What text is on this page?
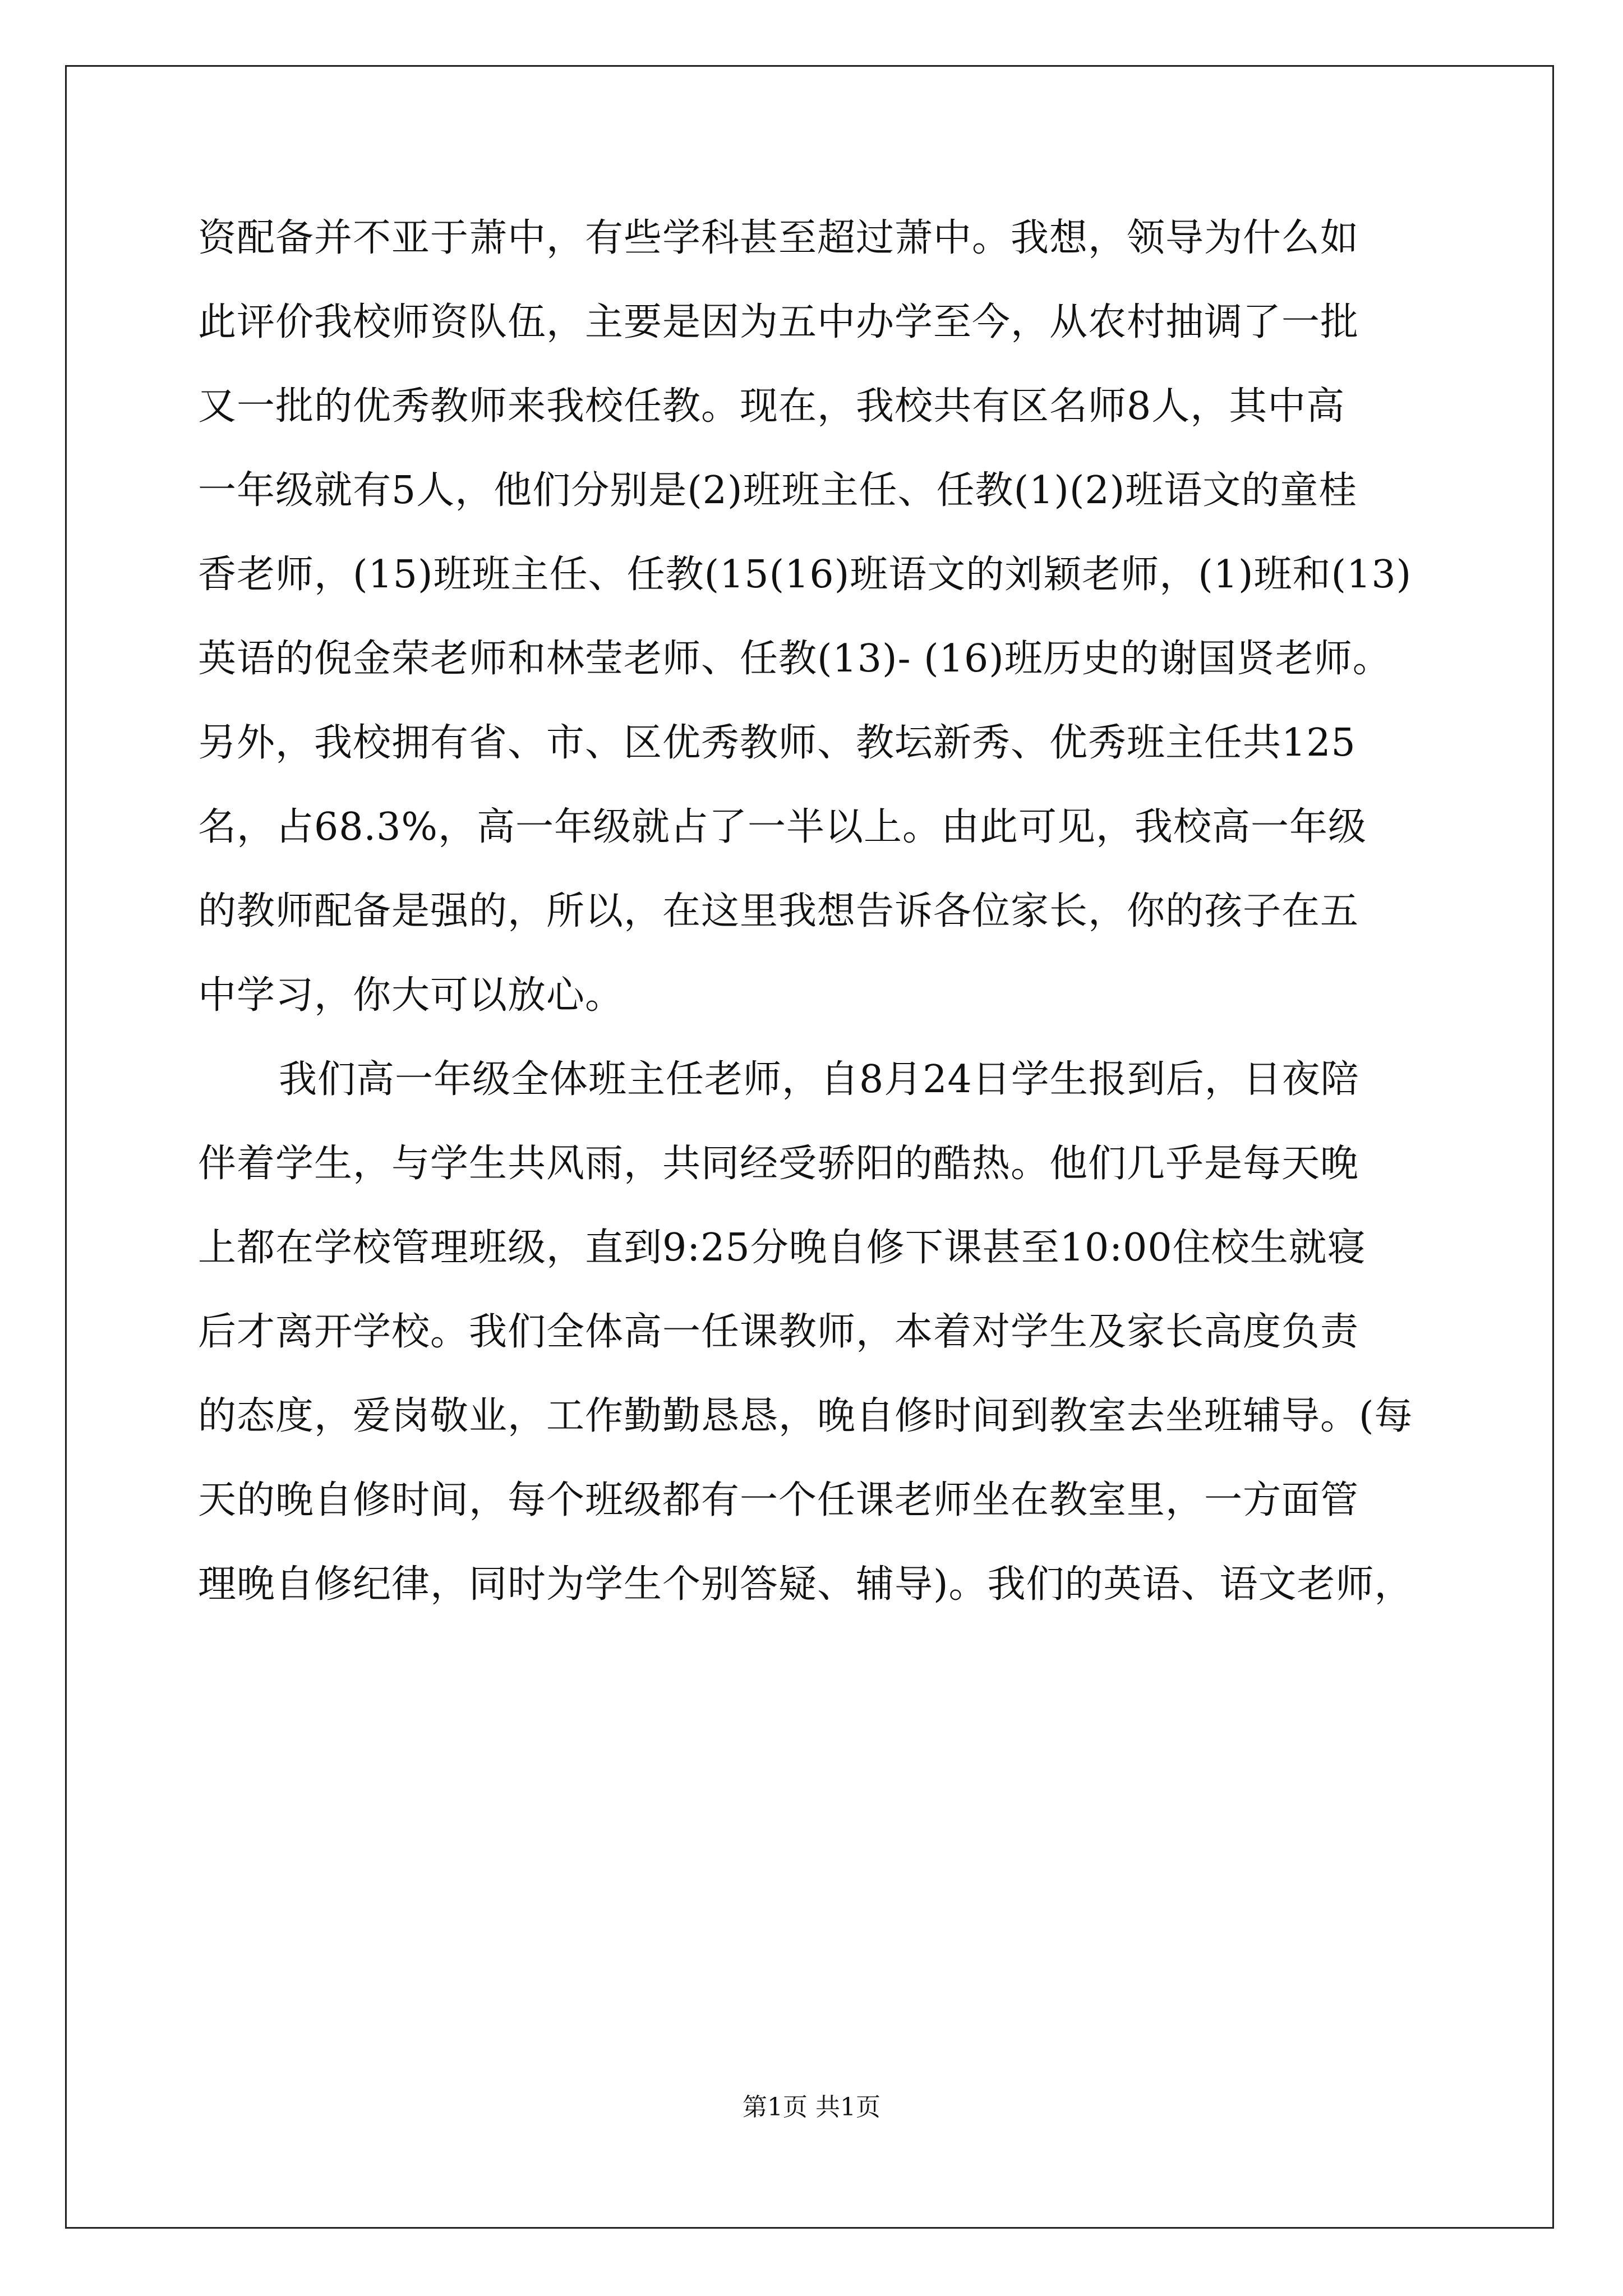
资配备并不亚于萧中，有些学科甚至超过萧中。我想，领导为什么如
此评价我校师资队伍，主要是因为五中办学至今，从农村抽调了一批
又一批的优秀教师来我校任教。现在，我校共有区名师8人，其中高
一年级就有5人，他们分别是(2)班班主任、任教(1)(2)班语文的童桂
香老师，(15)班班主任、任教(15(16)班语文的刘颖老师，(1)班和(13)
英语的倪金荣老师和林莹老师、任教(13)- (16)班历史的谢国贤老师。
另外，我校拥有省、市、区优秀教师、教坛新秀、优秀班主任共125
名，占68.3%，高一年级就占了一半以上。由此可见，我校高一年级
的教师配备是强的，所以，在这里我想告诉各位家长，你的孩子在五
中学习，你大可以放心。
我们高一年级全体班主任老师，自8月24日学生报到后，日夜陪
伴着学生，与学生共风雨，共同经受骄阳的酷热。他们几乎是每天晚
上都在学校管理班级，直到9:25分晚自修下课甚至10:00住校生就寝
后才离开学校。我们全体高一任课教师，本着对学生及家长高度负责
的态度，爱岗敬业，工作勤勤恳恳，晚自修时间到教室去坐班辅导。(每
天的晚自修时间，每个班级都有一个任课老师坐在教室里，一方面管
理晚自修纪律，同时为学生个别答疑、辅导)。我们的英语、语文老师，
第1页 共1页
